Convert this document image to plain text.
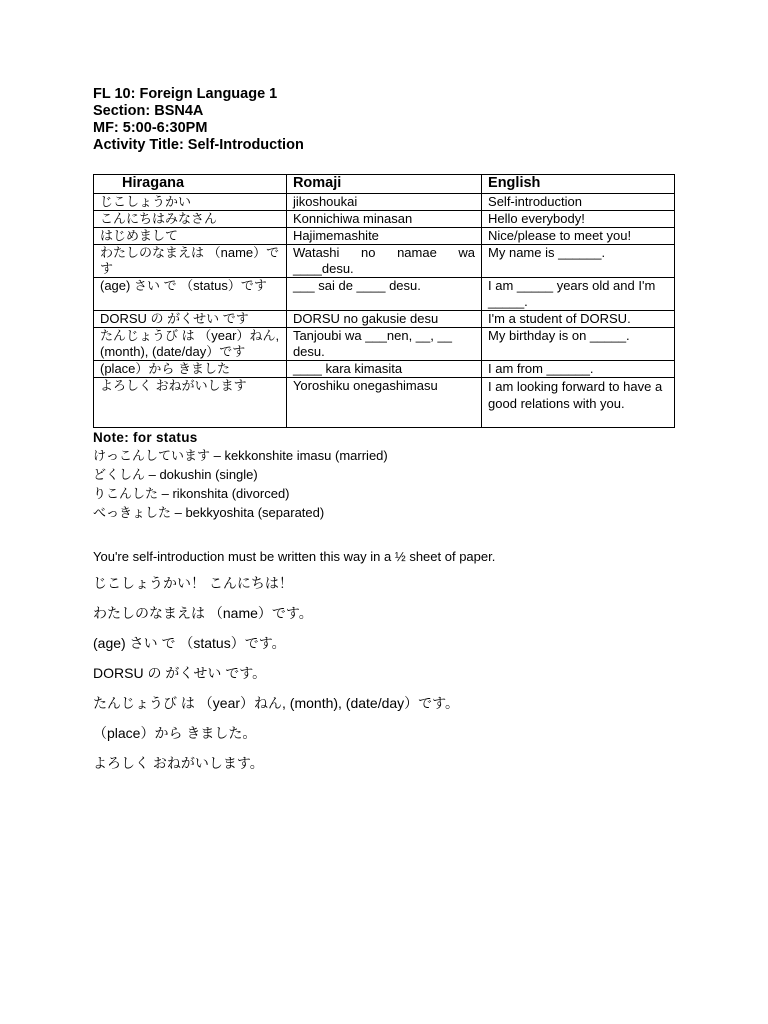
FL 10: Foreign Language 1
Section: BSN4A
MF: 5:00-6:30PM
Activity Title: Self-Introduction
Hiragana	Romaji	English
じこしょうかい	jikoshoukai	Self-introduction
こんにちはみなさん	Konnichiwa minasan	Hello everybody!
はじめまして	Hajimemashite	Nice/please to meet you!
わたしのなまえは （name）です	Watashi no namae wa ____desu.	My name is ______.
(age) さい で （status）です	___ sai de ____ desu.	I am _____ years old and I'm _____.
DORSU の がくせい です	DORSU no gakusie desu	I'm a student of DORSU.
たんじょうび は （year）ねん, (month), (date/day）です	Tanjoubi wa ___nen, __, __ desu.	My birthday is on _____.
(place）から きました	____ kara kimasita	I am from ______.
よろしく おねがいします	Yoroshiku onegashimasu	I am looking forward to have a good relations with you.
Note: for status
けっこんしています – kekkonshite imasu (married)
どくしん – dokushin (single)
りこんした – rikonshita (divorced)
べっきょした – bekkyoshita (separated)
You're self-introduction must be written this way in a ½ sheet of paper.
じこしょうかい！ こんにちは！
わたしのなまえは （name）です。
(age) さい で （status）です。
DORSU の がくせい です。
たんじょうび は （year）ねん, (month), (date/day）です。
（place）から きました。
よろしく おねがいします。
